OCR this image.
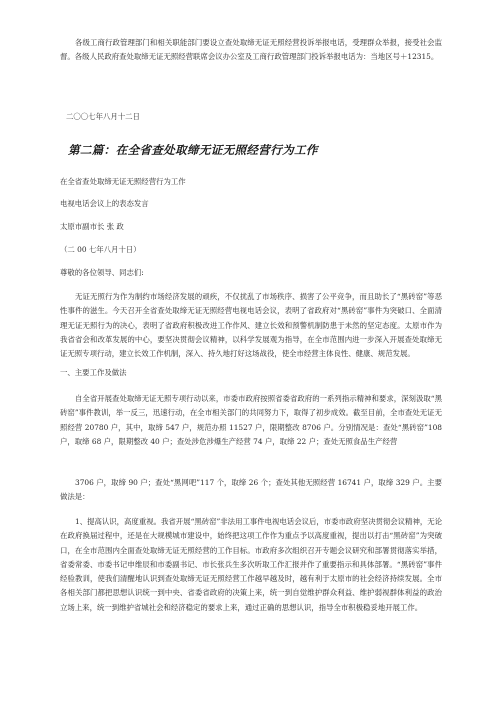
各级工商行政管理部门和相关职能部门要设立查处取缔无证无照经营投诉举报电话，受理群众举报，接受社会监督。各级人民政府查处取缔无证无照经营联席会议办公室及工商行政管理部门投诉举报电话为：当地区号＋12315。

二〇〇七年八月十二日

第二篇：在全省查处取缔无证无照经营行为工作

在全省查处取缔无证无照经营行为工作

电视电话会议上的表态发言

太原市副市长 张 政

（二 00 七年八月十日）

尊敬的各位领导、同志们:

无证无照行为作为制约市场经济发展的顽疾，不仅扰乱了市场秩序、损害了公平竞争，而且助长了“黑砖窑”等恶性事件的滋生。今天召开全省查处取缔无证无照经营电视电话会议，表明了省政府对“黑砖窑”事件为突破口、全面清理无证无照行为的决心，表明了省政府积极改进工作作风、建立长效和预警机制防患于未然的坚定态度。太原市作为我省省会和改革发展的中心，要坚决贯彻会议精神，以科学发展观为指导，在全市范围内进一步深入开展查处取缔无证无照专项行动，建立长效工作机制，深入、持久地打好这场战役，使全市经营主体良性、健康、规范发展。

一、主要工作及做法

自全省开展查处取缔无证无照专项行动以来，市委市政府按照省委省政府的一系列指示精神和要求，深刻汲取“黑砖窑”事件教训，举一反三，迅速行动，在全市相关部门的共同努力下，取得了初步成效。截至目前，全市查处无证无照经营 20780 户，其中，取缔 547 户，规范办照 11527 户，限期整改 8706 户。分别情况是：查处“黑砖窑”108 户，取缔 68 户，限期整改 40 户；查处涉危涉爆生产经营 74 户，取缔 22 户；查处无照食品生产经营

3706 户，取缔 90 户；查处“黑网吧”117 个，取缔 26 个；查处其他无照经营 16741 户，取缔 329 户。主要做法是：

1、提高认识，高度重视。我省开展“黑砖窑”非法用工事件电视电话会议后，市委市政府坚决贯彻会议精神，无论在政府换届过程中，还是在大规模城市建设中，始终把这项工作作为重点予以高度重视，提出以打击“黑砖窑”为突破口，在全市范围内全面查处取缔无证无照经营的工作目标。市政府多次组织召开专题会议研究和部署贯彻落实举措，省委常委、市委书记申维辰和市委副书记、市长张兵生多次听取工作汇报并作了重要指示和具体部署。“黑砖窑”事件经验教训，使我们清醒地认识到查处取缔无证无照经营工作越早越及时，越有利于太原市的社会经济持续发展。全市各相关部门都把思想认识统一到中央、省委省政府的决策上来，统一到自觉维护群众利益、维护弱视群体利益的政治立场上来，统一到维护省城社会和经济稳定的要求上来，通过正确的思想认识，指导全市积极稳妥地开展工作。
